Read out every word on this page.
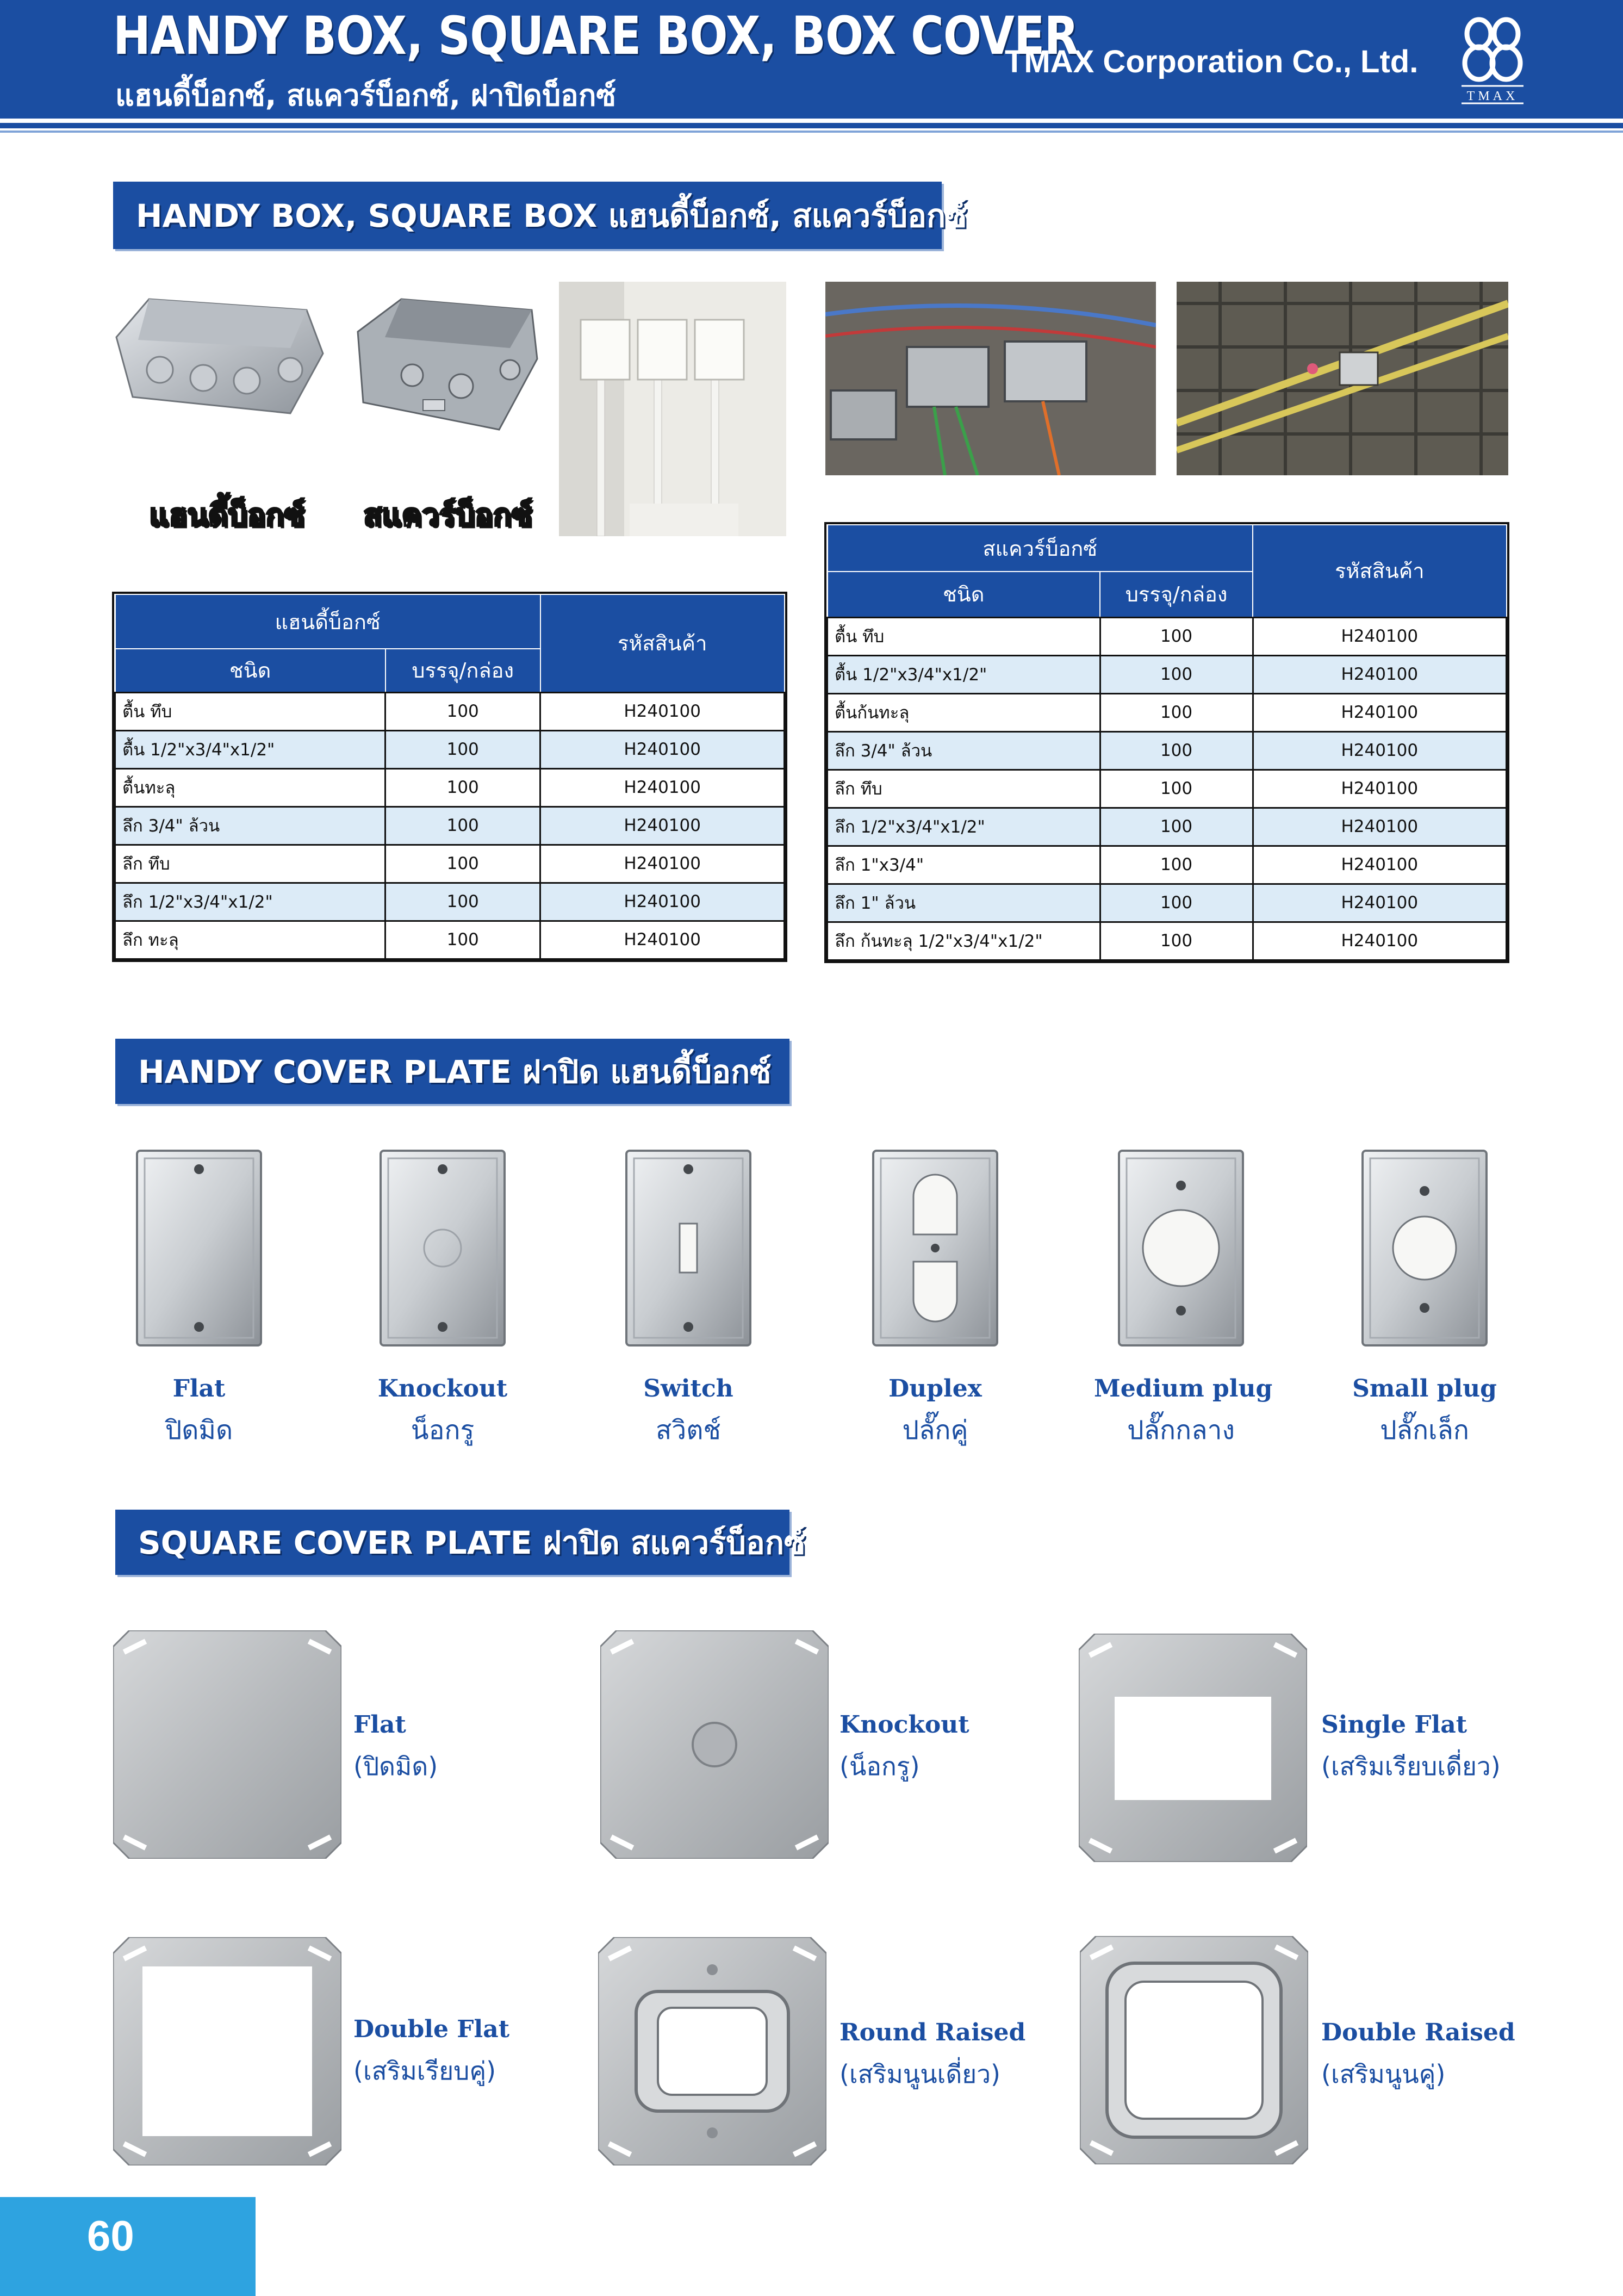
HANDY BOX, SQUARE BOX, BOX COVER
แฮนดี้บ็อกซ์, สแควร์บ็อกซ์, ฝาปิดบ็อกซ์
TMAX Corporation Co., Ltd.
TMAX
HANDY BOX, SQUARE BOX แฮนดี้บ็อกซ์, สแควร์บ็อกซ์
แฮนดี้บ็อกซ์ สแควร์บ็อกซ์
แฮนดี้บ็อกซ์		รหัสสินค้า
ชนิด	บรรจุ/กล่อง	
ตื้น ทึบ	100	H240100
ตื้น 1/2"x3/4"x1/2"	100	H240100
ตื้นทะลุ	100	H240100
ลึก 3/4" ล้วน	100	H240100
ลึก ทึบ	100	H240100
ลึก 1/2"x3/4"x1/2"	100	H240100
ลึก ทะลุ	100	H240100
สแควร์บ็อกซ์		รหัสสินค้า
ชนิด	บรรจุ/กล่อง	
ตื้น ทึบ	100	H240100
ตื้น 1/2"x3/4"x1/2"	100	H240100
ตื้นก้นทะลุ	100	H240100
ลึก 3/4" ล้วน	100	H240100
ลึก ทึบ	100	H240100
ลึก 1/2"x3/4"x1/2"	100	H240100
ลึก 1"x3/4"	100	H240100
ลึก 1" ล้วน	100	H240100
ลึก ก้นทะลุ 1/2"x3/4"x1/2"	100	H240100
HANDY COVER PLATE ฝาปิด แฮนดี้บ็อกซ์
Flat
ปิดมิด
Knockout
น็อกรู
Switch
สวิตช์
Duplex
ปลั๊กคู่
Medium plug
ปลั๊กกลาง
Small plug
ปลั๊กเล็ก
SQUARE COVER PLATE ฝาปิด สแควร์บ็อกซ์
Flat
(ปิดมิด)
Knockout
(น็อกรู)
Single Flat
(เสริมเรียบเดี่ยว)
Double Flat
(เสริมเรียบคู่)
Round Raised
(เสริมนูนเดี่ยว)
Double Raised
(เสริมนูนคู่)
60
